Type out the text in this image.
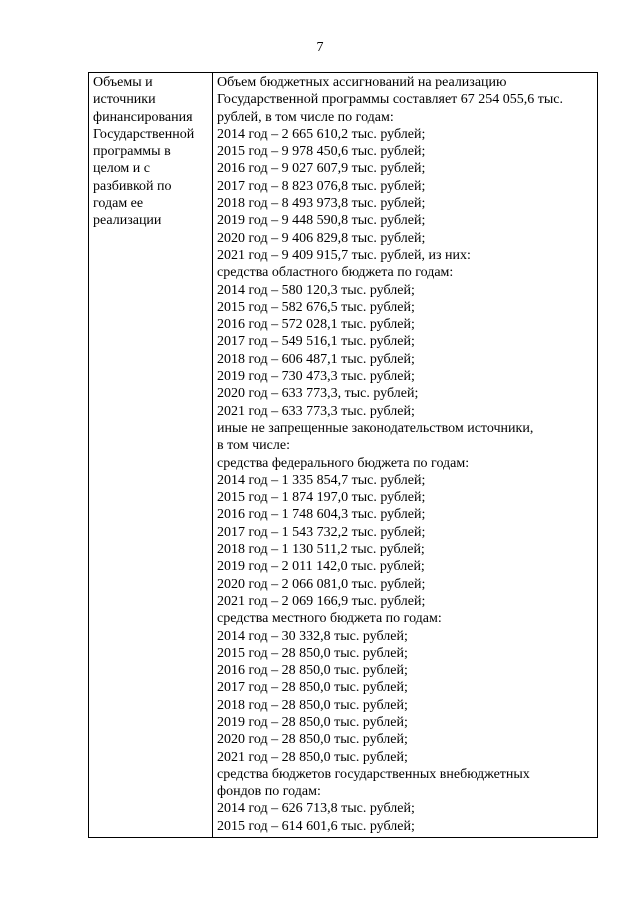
7
Объемы и
источники
финансирования
Государственной
программы в
целом и с
разбивкой по
годам ее
реализации

Объем бюджетных ассигнований на реализацию
Государственной программы составляет 67 254 055,6 тыс.
рублей, в том числе по годам:
2014 год – 2 665 610,2 тыс. рублей;
2015 год – 9 978 450,6 тыс. рублей;
2016 год – 9 027 607,9 тыс. рублей;
2017 год – 8 823 076,8 тыс. рублей;
2018 год – 8 493 973,8 тыс. рублей;
2019 год – 9 448 590,8 тыс. рублей;
2020 год – 9 406 829,8 тыс. рублей;
2021 год – 9 409 915,7 тыс. рублей, из них:
средства областного бюджета по годам:
2014 год – 580 120,3 тыс. рублей;
2015 год – 582 676,5 тыс. рублей;
2016 год – 572 028,1 тыс. рублей;
2017 год – 549 516,1 тыс. рублей;
2018 год – 606 487,1 тыс. рублей;
2019 год – 730 473,3 тыс. рублей;
2020 год – 633 773,3, тыс. рублей;
2021 год – 633 773,3 тыс. рублей;
иные не запрещенные законодательством источники,
в том числе:
средства федерального бюджета по годам:
2014 год – 1 335 854,7 тыс. рублей;
2015 год – 1 874 197,0 тыс. рублей;
2016 год – 1 748 604,3 тыс. рублей;
2017 год – 1 543 732,2 тыс. рублей;
2018 год – 1 130 511,2 тыс. рублей;
2019 год – 2 011 142,0 тыс. рублей;
2020 год – 2 066 081,0 тыс. рублей;
2021 год – 2 069 166,9 тыс. рублей;
средства местного бюджета по годам:
2014 год – 30 332,8 тыс. рублей;
2015 год – 28 850,0 тыс. рублей;
2016 год – 28 850,0 тыс. рублей;
2017 год – 28 850,0 тыс. рублей;
2018 год – 28 850,0 тыс. рублей;
2019 год – 28 850,0 тыс. рублей;
2020 год – 28 850,0 тыс. рублей;
2021 год – 28 850,0 тыс. рублей;
средства бюджетов государственных внебюджетных
фондов по годам:
2014 год – 626 713,8 тыс. рублей;
2015 год – 614 601,6 тыс. рублей;
